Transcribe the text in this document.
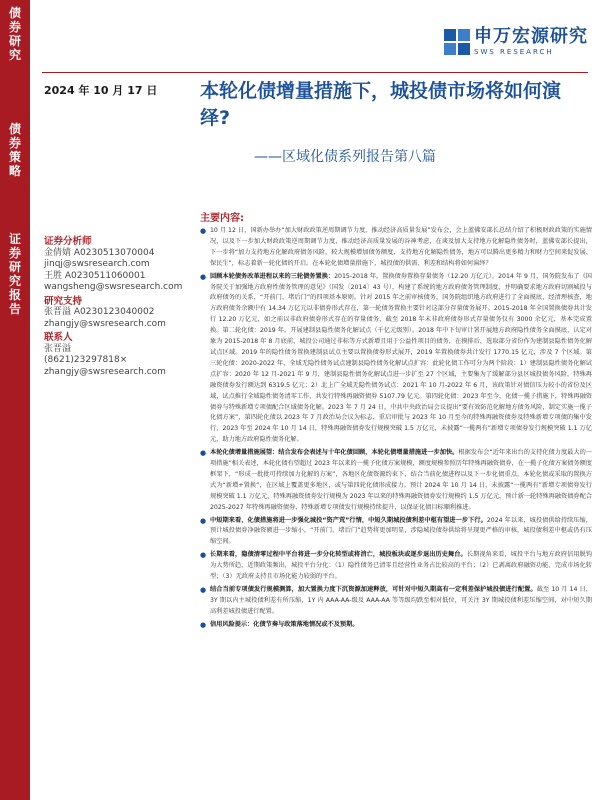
债券研究
债券策略
证券研究报告
申万宏源研究
SWS RESEARCH
2024 年 10 月 17 日 本轮化债增量措施下，城投债市场将如何演绎?
——区域化债系列报告第八篇
证券分析师
金倩婧 A0230513070004
jinqj@swsresearch.com
王胜 A0230511060001
wangsheng@swsresearch.com
研究支持
张晋溢 A0230123040002
zhangjy@swsresearch.com
联系人
张晋溢
(8621)23297818×
zhangjy@swsresearch.com
主要内容:
● 10 月 12 日，国新办举办“加大财政政策逆周期调节力度、推动经济高质量发展”发布会，会上蓝佛安部长总结介绍了积极财政政策的实施情况，以及下一步加大财政政策逆周期调节力度，推动经济高质量发展的谷神考虑，在谈及加大支持地方化解隐性债务时，蓝佛安部长提出，下一步将“加力支持地方化解政府债务风险，较大规模增加债务额度，支持地方化解隐性债务，地方可以腾出更多精力和财力空间来促发展、保民生”，标志着新一轮化债的开启。在本轮化债增量措施下，城投债的供需、利差和结构将如何演绎？
● 回顾本轮债务改革进程以来的三轮债务置换：2015-2018 年，置换债券置换存量债务（12.20 万亿元）。2014 年 9 月，国务院发布了《国务院关于加强地方政府性债务管理的意见》（国发〔2014〕43 号），构建了系统的地方政府债务管理制度，并明确要求地方政府切割城投与政府债务的关系，“开前门、堵后门”的四项基本原则。针对 2015 年之前审核债务，国务院组织地方政府进行了全面摸底，经清理核查，地方政府债务余额中有 14.34 万亿元以非债券形式存在，第一轮债务置换主要针对这部分存量债务展开。2015-2018 年全国置换债券共计发行 12.20 万亿元，如之前以非政府债券形式存在的存量债务，截至 2018 年末非政府债券形式存量债务仅有 3000 余亿元，基本完成置换。第二轮化债：2019 年，开展建制县隐性债务化解试点（千亿元级别）。2018 年中下旬审计署开展地方政府隐性债务全面摸底，认定对象为 2015-2018 年 8 月底前，城投公司通过非标等方式新增且用于公益性项目的债务，在摸排后，选取部分省份作为建制县隐性债务化解试点区域。2019 年的隐性债务置换建制县试点主要以置换债券形式展开，2019 年置换债券共计发行 1770.15 亿元，涉及 7 个区域。第三轮化债：2020-2022 年，全域无隐性债务试点建制县隐性债务化解试点扩容：此轮化债工作可分为两个阶段：1）建制县隐性债务化解试点扩容：2020 年 12 月-2021 年 9 月，建制县隐性债务化解试点进一步扩至 27 个区域，主要集为了缓解部分县区城投债务风险，特殊再融资债券发行额达到 6319.5 亿元；2）北上广全域无隐性债务试点：2021 年 10 月-2022 年 6 月，该政策针对债信压力较小的省份及区域，试点推行全域隐性债务清零工作，共发行特殊再融资债券 5107.79 亿元。第四轮化债：2023 年至今，化债一揽子措施下，特殊再融资债券与特殊新增专项债配合区域债务化解。2023 年 7 月 24 日，中共中央政治局会议提出“要有效防范化解地方债务风险，制定实施一揽子化债方案”，第四轮化债以 2023 年 7 月政治局会议为标志，重启审批与 2023 年 10 月至今的特殊再融资债券及特殊新增专项债的集中发行，2023 年至 2024 年 10 月 14 日，特殊再融资债券发行规模突破 1.5 万亿元，未披露“一揽两有”新增专项债券发行规模突破 1.1 万亿元，助力地方政府隐性债务化解。
● 本轮化债增量措施展望：结合发布会表述与十年化债回顾，本轮化债增量措施进一步加快。根据发布会“近年来出台的支持化债力度最大的一项措施”相关表述，本轮化债有望超过 2023 年以来的一揽子化债方案规模，额度规模参照历年特殊再融资债券，在一揽子化债方案债务额度框架下，“形成一批批可持续加力化解的方案”，各地区化债资源约束下，结合当前化债进程以及下一步化债重点，本轮化债或采取的置换方式为“新增+置换”，在区域上覆盖更多地区，或与第四轮化债形成接力。预计 2024 年 10 月 14 日，未披露“一揽两有”新增专项债券发行规模突破 1.1 万亿元，特殊再融资债券发行规模为 2023 年以来的特殊再融资债券发行规模约 1.5 万亿元，预计新一轮特殊再融资债券配合 2025-2027 年特殊再融资债券、特殊新增专项债发行规模持续提升，以保证化债目标顺利推进。
● 中短期来看，化债措施将进一步强化城投“资产荒”行情，中短久期城投债利差中枢有望进一步下行。2024 年以来，城投债供给持续压缩，预计城投债券净融资额进一步缩小，“开前门、堵后门”趋势将更加明显，涉隐城投债券供给将呈现更严格的审核，城投债利差中枢或仍有压缩空间。
● 长期来看，隐债清零过程中平台将进一步分化转型或将消亡，城投板块或逐步退出历史舞台。长期视角来看，城投平台与地方政府信用脱钩为大势所趋，近期政策频出，城投平台分化：（1）隐性债务已清零且经营性业务占比较高的平台；（2）已剥离政府融资功能、完成市场化转型；（3）无政府支持且市场化能力较弱的平台。
● 结合当前专项债发行规模测算，加大置换力度下沉资源加速释放，可针对中短久期高有一定利差保护城投债进行配置。截至 10 月 14 日，3Y 期以内主城投债利差有所压缩，1Y 内 AAA-AA-级及 AAA-AA 等等级均跌至相对低位，可关注 3Y 期城投债利差压缩空间，对中短久期高利差城投债进行配置。
● 信用风险提示：化债节奏与政策落地情况或不及预期。
